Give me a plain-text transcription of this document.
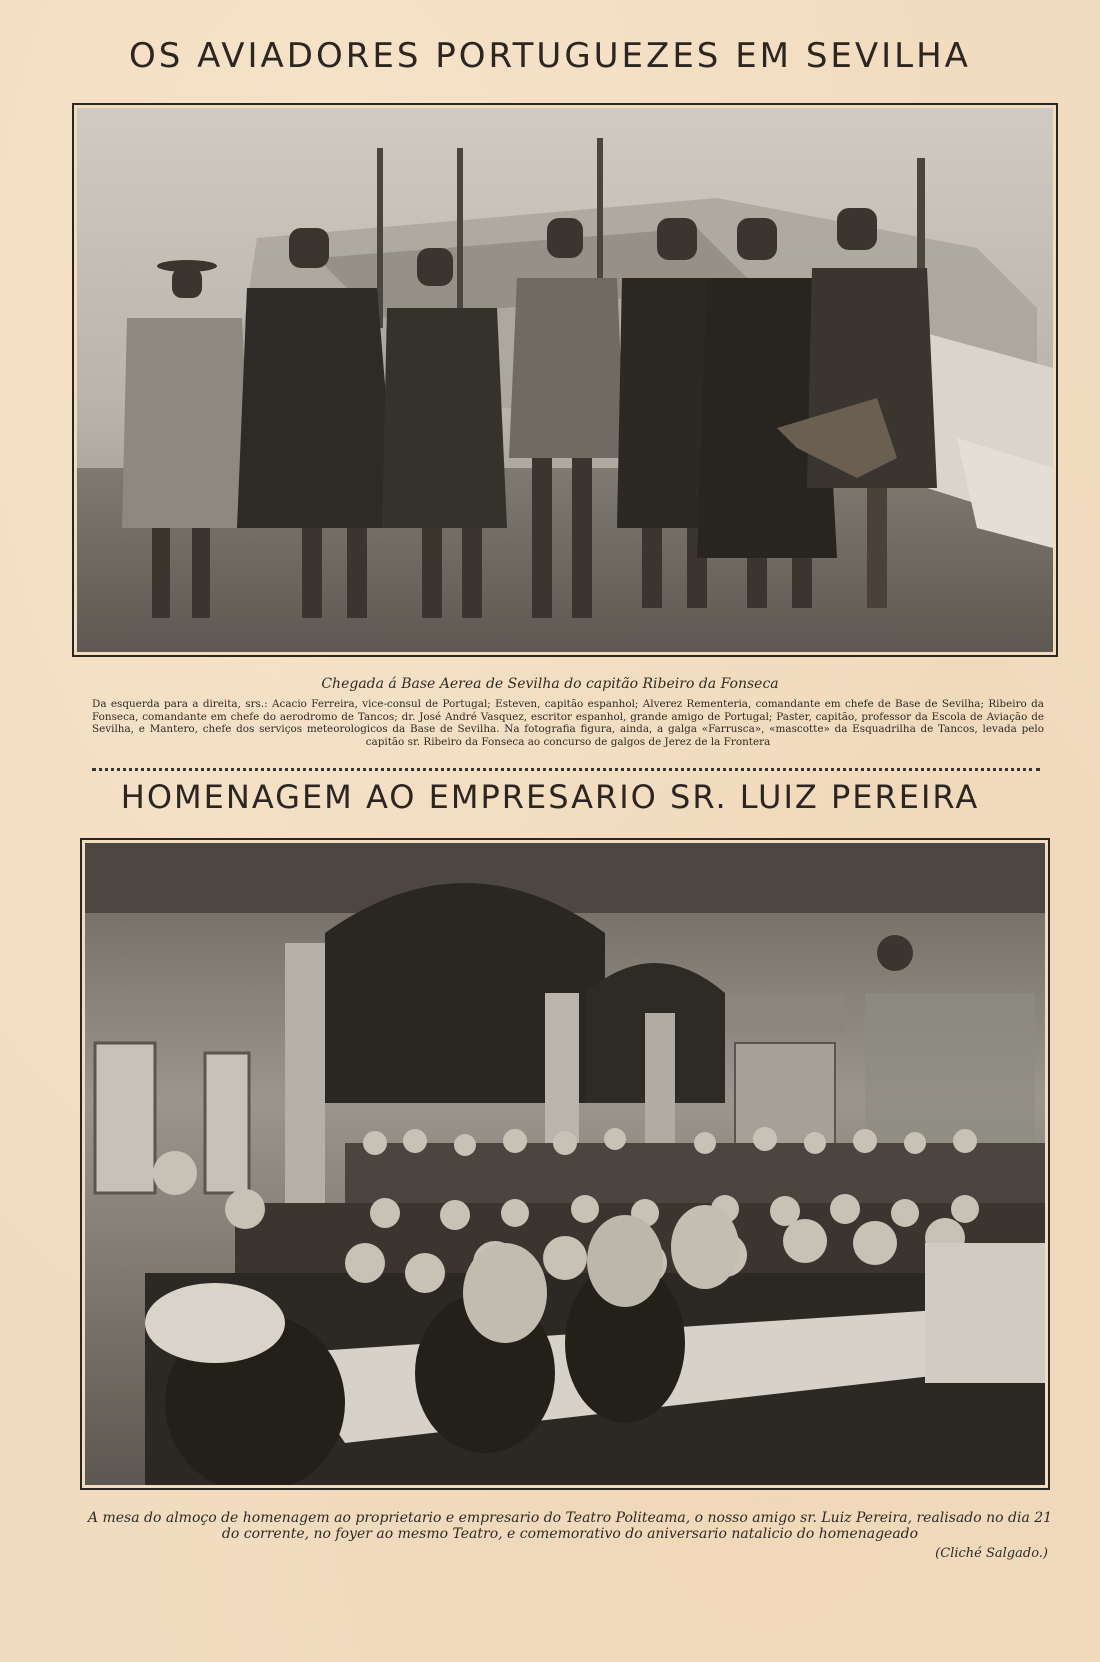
OS AVIADORES PORTUGUEZES EM SEVILHA
Chegada á Base Aerea de Sevilha do capitão Ribeiro da Fonseca
Da esquerda para a direita, srs.: Acacio Ferreira, vice-consul de Portugal; Esteven, capitão espanhol; Alverez Rementeria, comandante em chefe de Base de Sevilha; Ribeiro da Fonseca, comandante em chefe do aerodromo de Tancos; dr. José André Vasquez, escritor espanhol, grande amigo de Portugal; Paster, capitão, professor da Escola de Aviação de Sevilha, e Mantero, chefe dos serviços meteorologicos da Base de Sevilha. Na fotografia figura, ainda, a galga «Farrusca», «mascotte» da Esquadrilha de Tancos, levada pelo capitão sr. Ribeiro da Fonseca ao concurso de galgos de Jerez de la Frontera
HOMENAGEM AO EMPRESARIO SR. LUIZ PEREIRA
A mesa do almoço de homenagem ao proprietario e empresario do Teatro Politeama, o nosso amigo sr. Luiz Pereira, realisado no dia 21 do corrente, no foyer ao mesmo Teatro, e comemorativo do aniversario natalicio do homenageado
(Cliché Salgado.)
